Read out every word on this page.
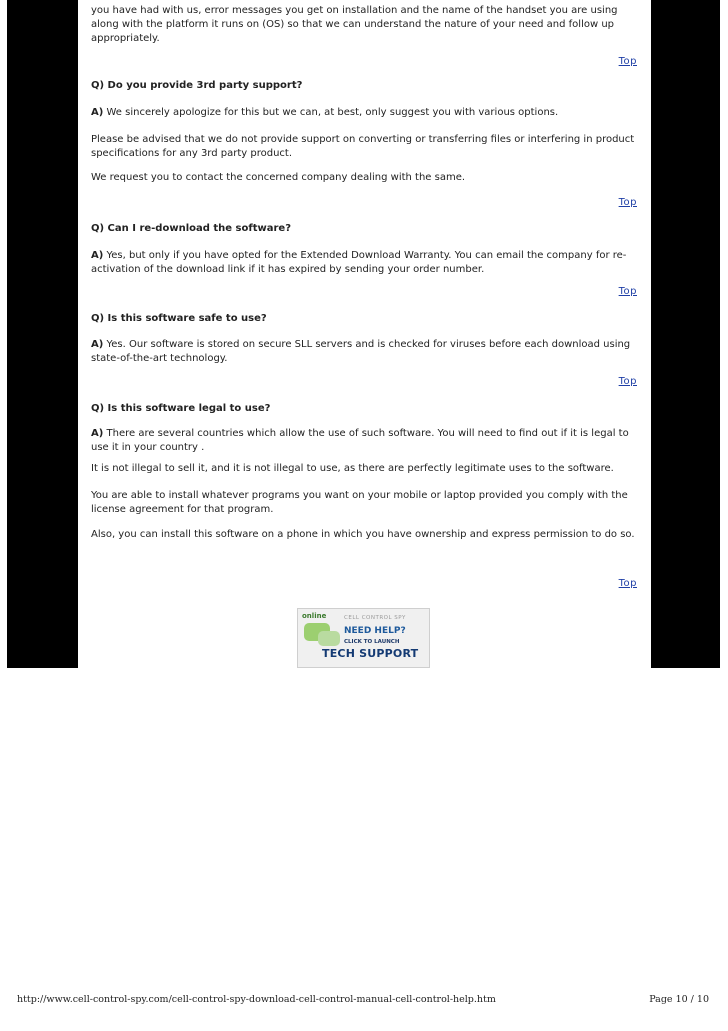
you have had with us, error messages you get on installation and the name of the handset you are using along with the platform it runs on (OS) so that we can understand the nature of your need and follow up appropriately.

Top

Q) Do you provide 3rd party support?

A) We sincerely apologize for this but we can, at best, only suggest you with various options.

Please be advised that we do not provide support on converting or transferring files or interfering in product specifications for any 3rd party product.

We request you to contact the concerned company dealing with the same.

Top

Q) Can I re-download the software?

A) Yes, but only if you have opted for the Extended Download Warranty. You can email the company for re-activation of the download link if it has expired by sending your order number.

Top

Q) Is this software safe to use?

A) Yes. Our software is stored on secure SLL servers and is checked for viruses before each download using state-of-the-art technology.

Top

Q) Is this software legal to use?

A) There are several countries which allow the use of such software. You will need to find out if it is legal to use it in your country .

It is not illegal to sell it, and it is not illegal to use, as there are perfectly legitimate uses to the software.

You are able to install whatever programs you want on your mobile or laptop provided you comply with the license agreement for that program.

Also, you can install this software on a phone in which you have ownership and express permission to do so.

Top
online	CELL CONTROL SPY
NEED HELP?
CLICK TO LAUNCH
TECH SUPPORT
http://www.cell-control-spy.com/cell-control-spy-download-cell-control-manual-cell-control-help.htm	Page 10 / 10
